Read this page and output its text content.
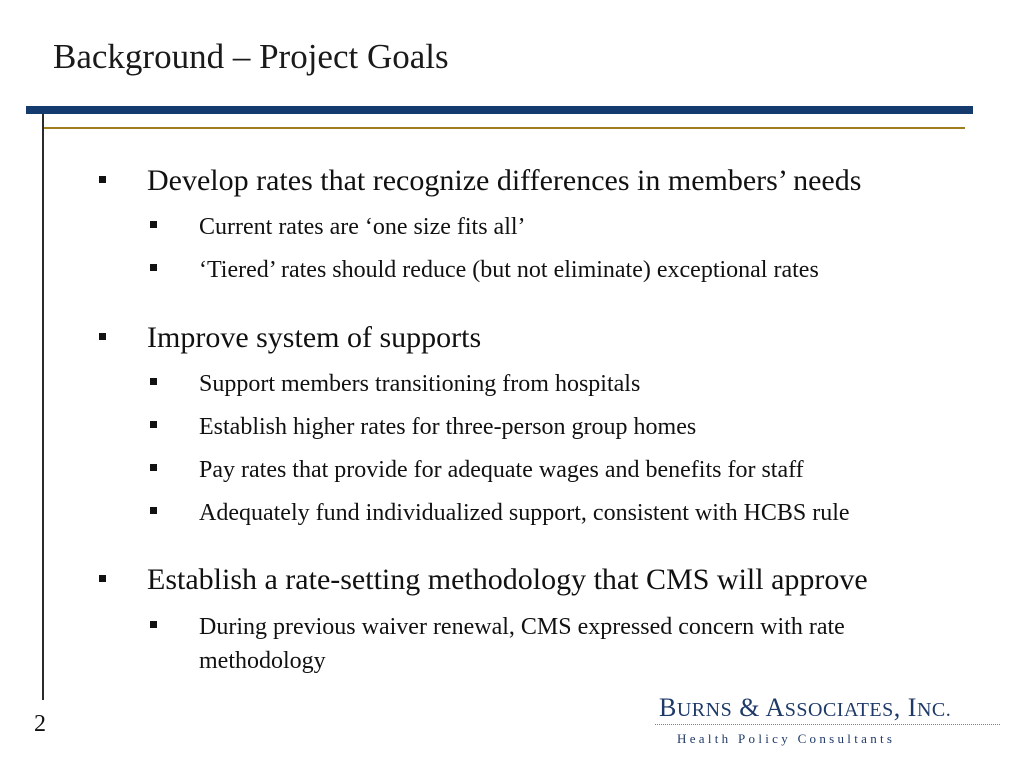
Background – Project Goals
Develop rates that recognize differences in members’ needs
Current rates are ‘one size fits all’
‘Tiered’ rates should reduce (but not eliminate) exceptional rates
Improve system of supports
Support members transitioning from hospitals
Establish higher rates for three-person group homes
Pay rates that provide for adequate wages and benefits for staff
Adequately fund individualized support, consistent with HCBS rule
Establish a rate-setting methodology that CMS will approve
During previous waiver renewal, CMS expressed concern with rate methodology
BURNS & ASSOCIATES, INC.
Health Policy Consultants
2
